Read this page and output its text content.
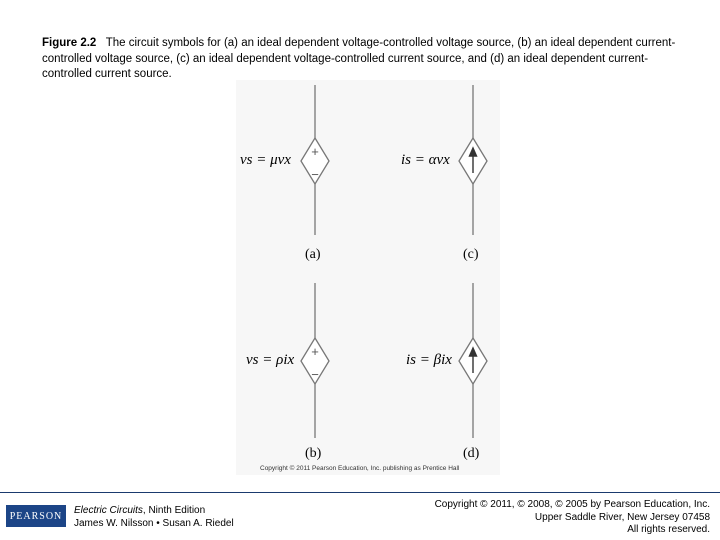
Figure 2.2 The circuit symbols for (a) an ideal dependent voltage-controlled voltage source, (b) an ideal dependent current-controlled voltage source, (c) an ideal dependent voltage-controlled current source, and (d) an ideal dependent current-controlled current source.
+
−
+
−
vs = μvx	is = αvx
vs = ρix	is = βix
(a)	(c)
(b)	(d)
Copyright © 2011 Pearson Education, Inc. publishing as Prentice Hall
PEARSON	Electric Circuits, Ninth Edition
James W. Nilsson • Susan A. Riedel
Copyright © 2011, © 2008, © 2005 by Pearson Education, Inc.
Upper Saddle River, New Jersey 07458
All rights reserved.
